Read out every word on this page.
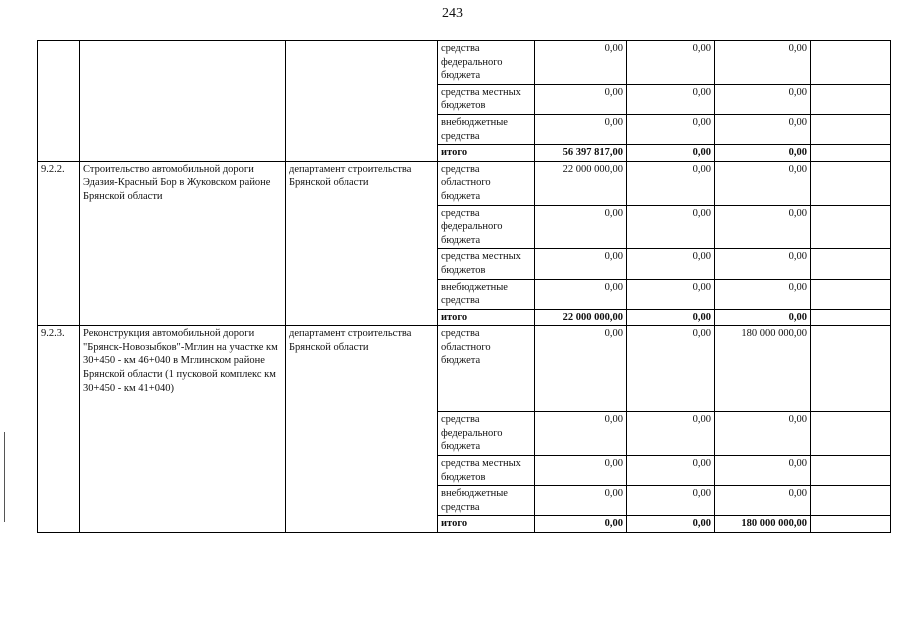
243
			средства федерального бюджета	0,00	0,00	0,00	
			средства местных бюджетов	0,00	0,00	0,00	
			внебюджетные средства	0,00	0,00	0,00	
			итого	56 397 817,00	0,00	0,00	
9.2.2.	Строительство автомобильной дороги Эдазия-Красный Бор в Жуковском районе Брянской области	департамент строительства Брянской области	средства областного бюджета	22 000 000,00	0,00	0,00	
			средства федерального бюджета	0,00	0,00	0,00	
			средства местных бюджетов	0,00	0,00	0,00	
			внебюджетные средства	0,00	0,00	0,00	
			итого	22 000 000,00	0,00	0,00	
9.2.3.	Реконструкция автомобильной дороги "Брянск-Новозыбков"-Мглин на участке км 30+450 - км 46+040 в Мглинском районе Брянской области (1 пусковой комплекс км 30+450 - км 41+040)	департамент строительства Брянской области	средства областного бюджета	0,00	0,00	180 000 000,00	
			средства федерального бюджета	0,00	0,00	0,00	
			средства местных бюджетов	0,00	0,00	0,00	
			внебюджетные средства	0,00	0,00	0,00	
			итого	0,00	0,00	180 000 000,00	
